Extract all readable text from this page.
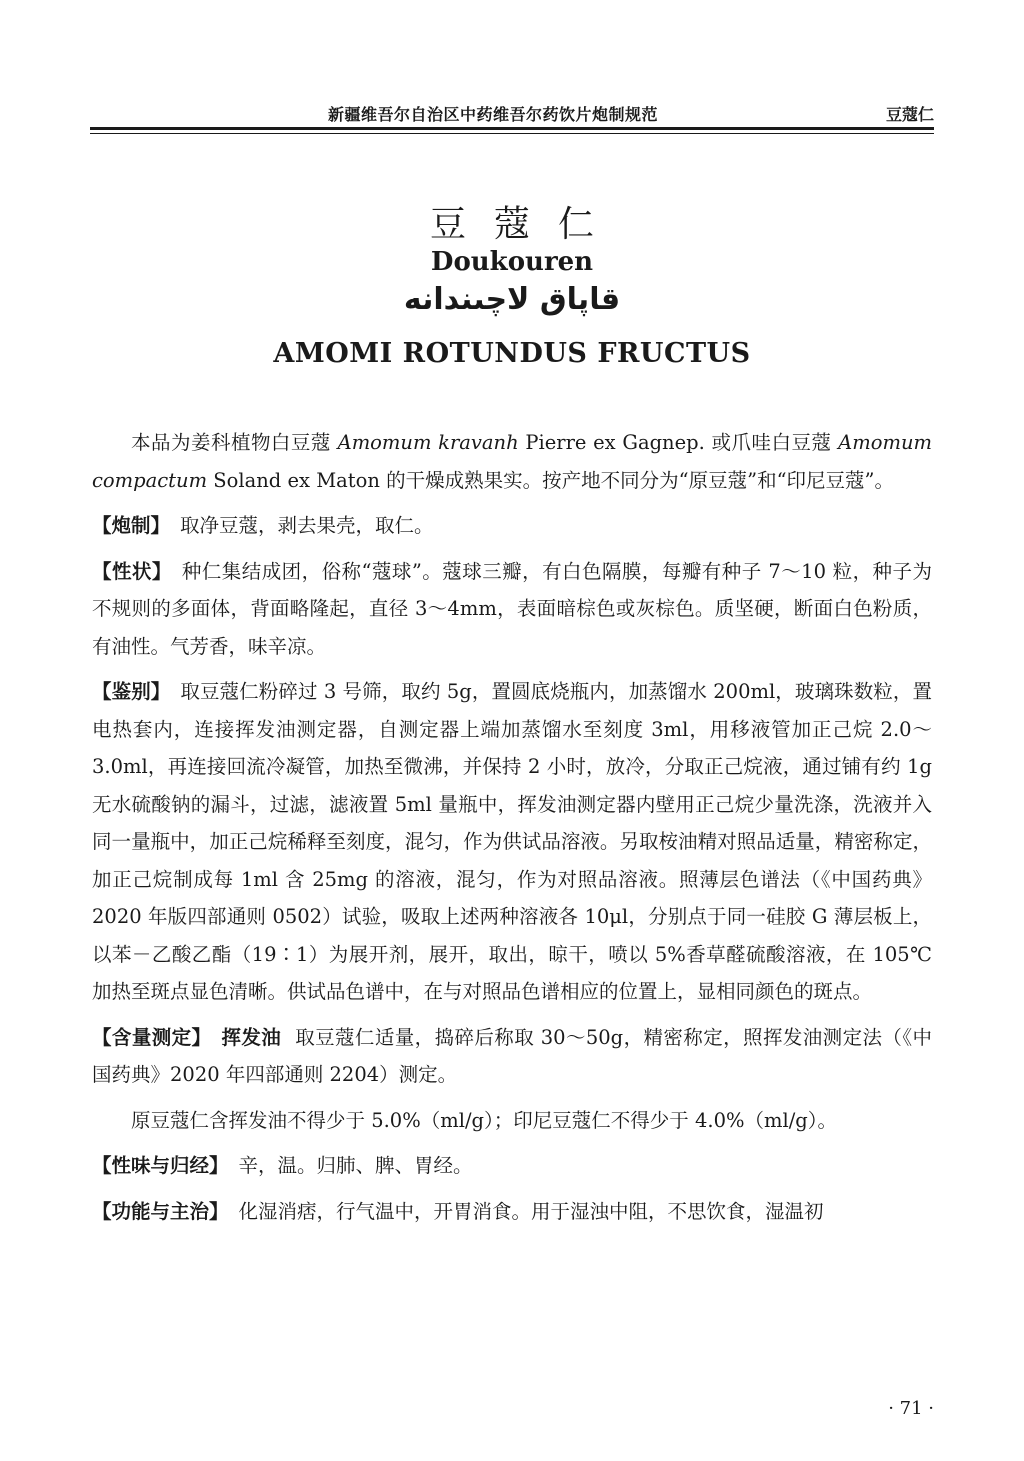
新疆维吾尔自治区中药维吾尔药饮片炮制规范	豆蔻仁
豆蔻仁
Doukouren
قاپاق لاچىندانە
AMOMI ROTUNDUS FRUCTUS

本品为姜科植物白豆蔻 Amomum kravanh Pierre ex Gagnep. 或爪哇白豆蔻 Amomum compactum Soland ex Maton 的干燥成熟果实。按产地不同分为“原豆蔻”和“印尼豆蔻”。

【炮制】 取净豆蔻，剥去果壳，取仁。

【性状】 种仁集结成团，俗称“蔻球”。蔻球三瓣，有白色隔膜，每瓣有种子 7～10 粒，种子为不规则的多面体，背面略隆起，直径 3～4mm，表面暗棕色或灰棕色。质坚硬，断面白色粉质，有油性。气芳香，味辛凉。

【鉴别】 取豆蔻仁粉碎过 3 号筛，取约 5g，置圆底烧瓶内，加蒸馏水 200ml，玻璃珠数粒，置电热套内，连接挥发油测定器，自测定器上端加蒸馏水至刻度 3ml，用移液管加正己烷 2.0～3.0ml，再连接回流冷凝管，加热至微沸，并保持 2 小时，放冷，分取正己烷液，通过铺有约 1g 无水硫酸钠的漏斗，过滤，滤液置 5ml 量瓶中，挥发油测定器内壁用正己烷少量洗涤，洗液并入同一量瓶中，加正己烷稀释至刻度，混匀，作为供试品溶液。另取桉油精对照品适量，精密称定，加正己烷制成每 1ml 含 25mg 的溶液，混匀，作为对照品溶液。照薄层色谱法（《中国药典》2020 年版四部通则 0502）试验，吸取上述两种溶液各 10μl，分别点于同一硅胶 G 薄层板上，以苯－乙酸乙酯（19∶1）为展开剂，展开，取出，晾干，喷以 5%香草醛硫酸溶液，在 105℃加热至斑点显色清晰。供试品色谱中，在与对照品色谱相应的位置上，显相同颜色的斑点。

【含量测定】 挥发油 取豆蔻仁适量，捣碎后称取 30～50g，精密称定，照挥发油测定法（《中国药典》2020 年四部通则 2204）测定。

原豆蔻仁含挥发油不得少于 5.0%（ml/g）；印尼豆蔻仁不得少于 4.0%（ml/g）。

【性味与归经】 辛，温。归肺、脾、胃经。

【功能与主治】 化湿消痞，行气温中，开胃消食。用于湿浊中阻，不思饮食，湿温初

· 71 ·
